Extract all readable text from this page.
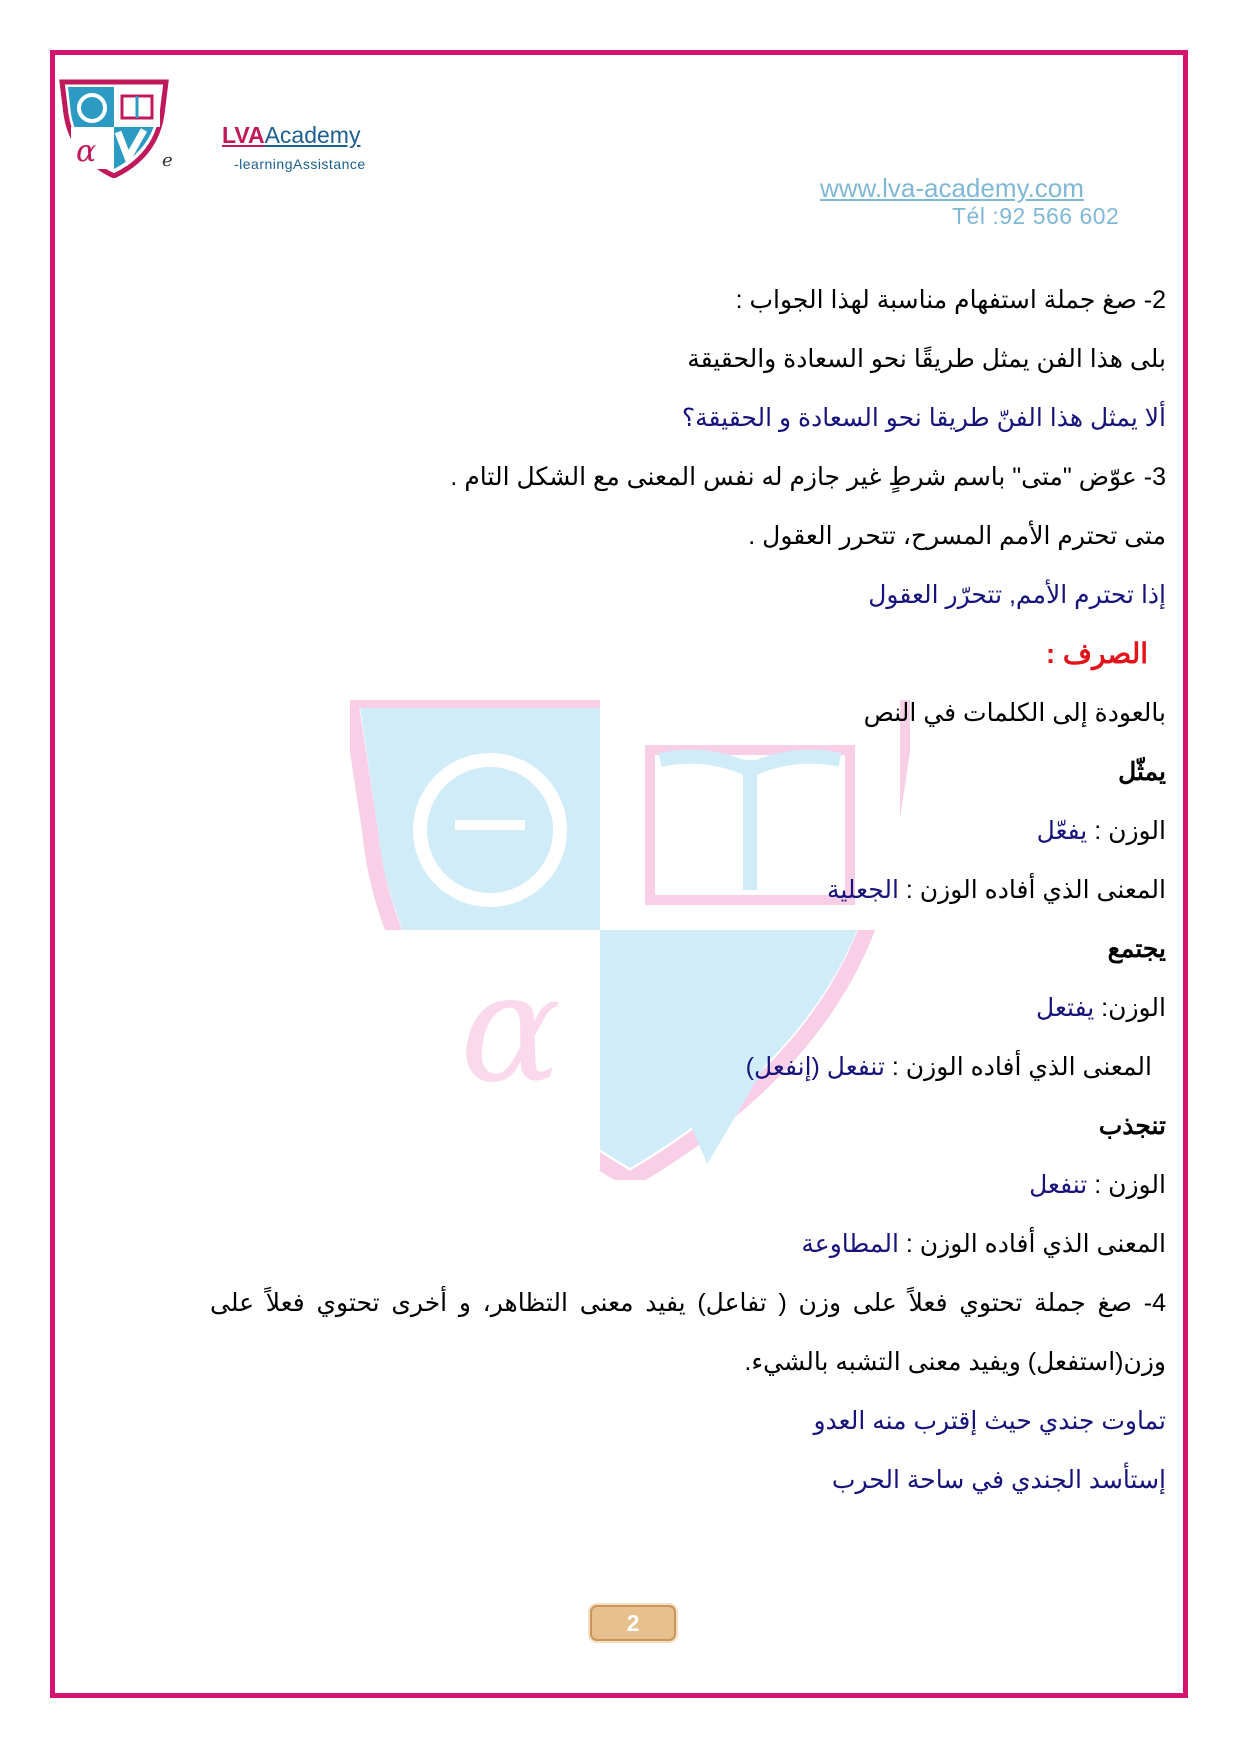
α
α	e
LVAAcademy
-learningAssistance
www.lva-academy.com
Tél :92 566 602
2- صغ جملة استفهام مناسبة لهذا الجواب :
بلى هذا الفن يمثل طريقًا نحو السعادة والحقيقة
ألا يمثل هذا الفنّ طريقا نحو السعادة و الحقيقة؟
3- عوّض "متى" باسم شرطٍ غير جازم له نفس المعنى مع الشكل التام .
متى تحترم الأمم المسرح، تتحرر العقول .
إذا تحترم الأمم, تتحرّر العقول
الصرف :
بالعودة إلى الكلمات في النص
يمثّل
الوزن : يفعّل
المعنى الذي أفاده الوزن : الجعلية
يجتمع
الوزن: يفتعل
المعنى الذي أفاده الوزن : تنفعل (إنفعل)
تنجذب
الوزن : تنفعل
المعنى الذي أفاده الوزن : المطاوعة
4- صغ جملة تحتوي فعلاً على وزن ( تفاعل) يفيد معنى التظاهر، و أخرى تحتوي فعلاً على
وزن(استفعل) ويفيد معنى التشبه بالشيء.
تماوت جندي حيث إقترب منه العدو
إستأسد الجندي في ساحة الحرب
2
